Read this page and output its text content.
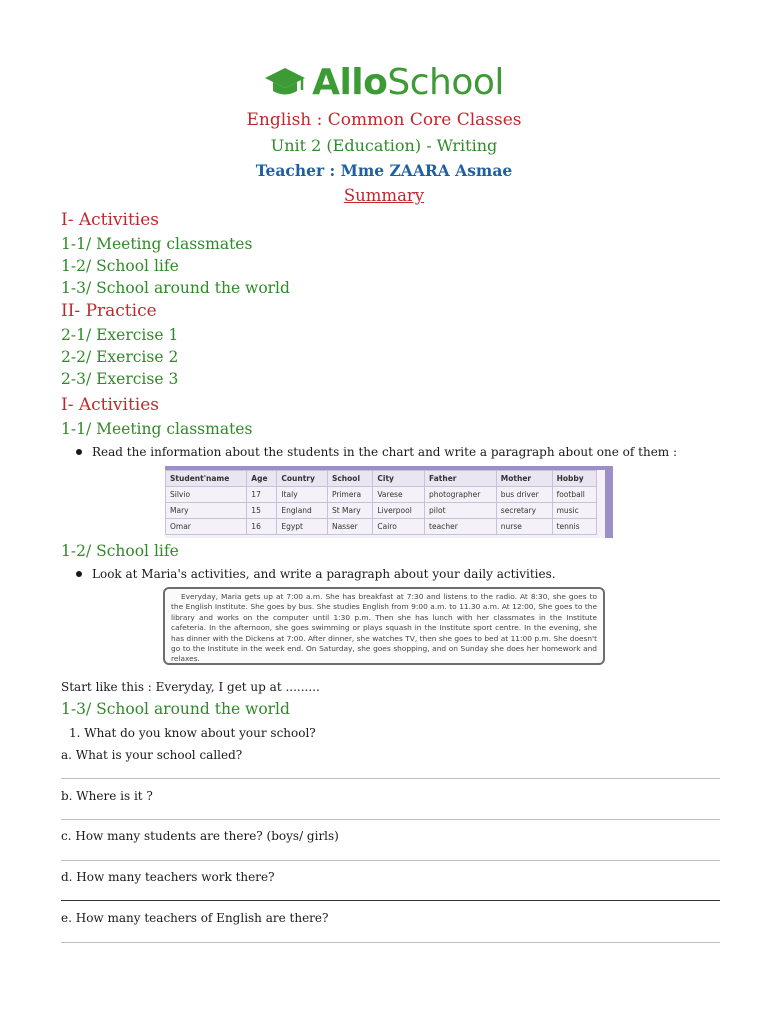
AlloSchool
English : Common Core Classes
Unit 2 (Education) - Writing
Teacher : Mme ZAARA Asmae
Summary
I- Activities
1-1/ Meeting classmates
1-2/ School life
1-3/ School around the world
II- Practice
2-1/ Exercise 1
2-2/ Exercise 2
2-3/ Exercise 3
I- Activities
1-1/ Meeting classmates
Read the information about the students in the chart and write a paragraph about one of them :
Student'name	Age	Country	School	City	Father	Mother	Hobby
Silvio	17	Italy	Primera	Varese	photographer	bus driver	football
Mary	15	England	St Mary	Liverpool	pilot	secretary	music
Omar	16	Egypt	Nasser	Cairo	teacher	nurse	tennis
1-2/ School life
Look at Maria's activities, and write a paragraph about your daily activities.

Everyday, Maria gets up at 7:00 a.m. She has breakfast at 7:30 and listens to the radio. At 8:30, she goes to the English Institute. She goes by bus. She studies English from 9:00 a.m. to 11.30 a.m. At 12:00, She goes to the library and works on the computer until 1:30 p.m. Then she has lunch with her classmates in the Institute cafeteria. In the afternoon, she goes swimming or plays squash in the Institute sport centre. In the evening, she has dinner with the Dickens at 7:00. After dinner, she watches TV, then she goes to bed at 11:00 p.m. She doesn't go to the Institute in the week end. On Saturday, she goes shopping, and on Sunday she does her homework and relaxes.

Start like this : Everyday, I get up at .........
1-3/ School around the world
1. What do you know about your school?
a. What is your school called?
b. Where is it ?
c. How many students are there? (boys/ girls)
d. How many teachers work there?
e. How many teachers of English are there?
